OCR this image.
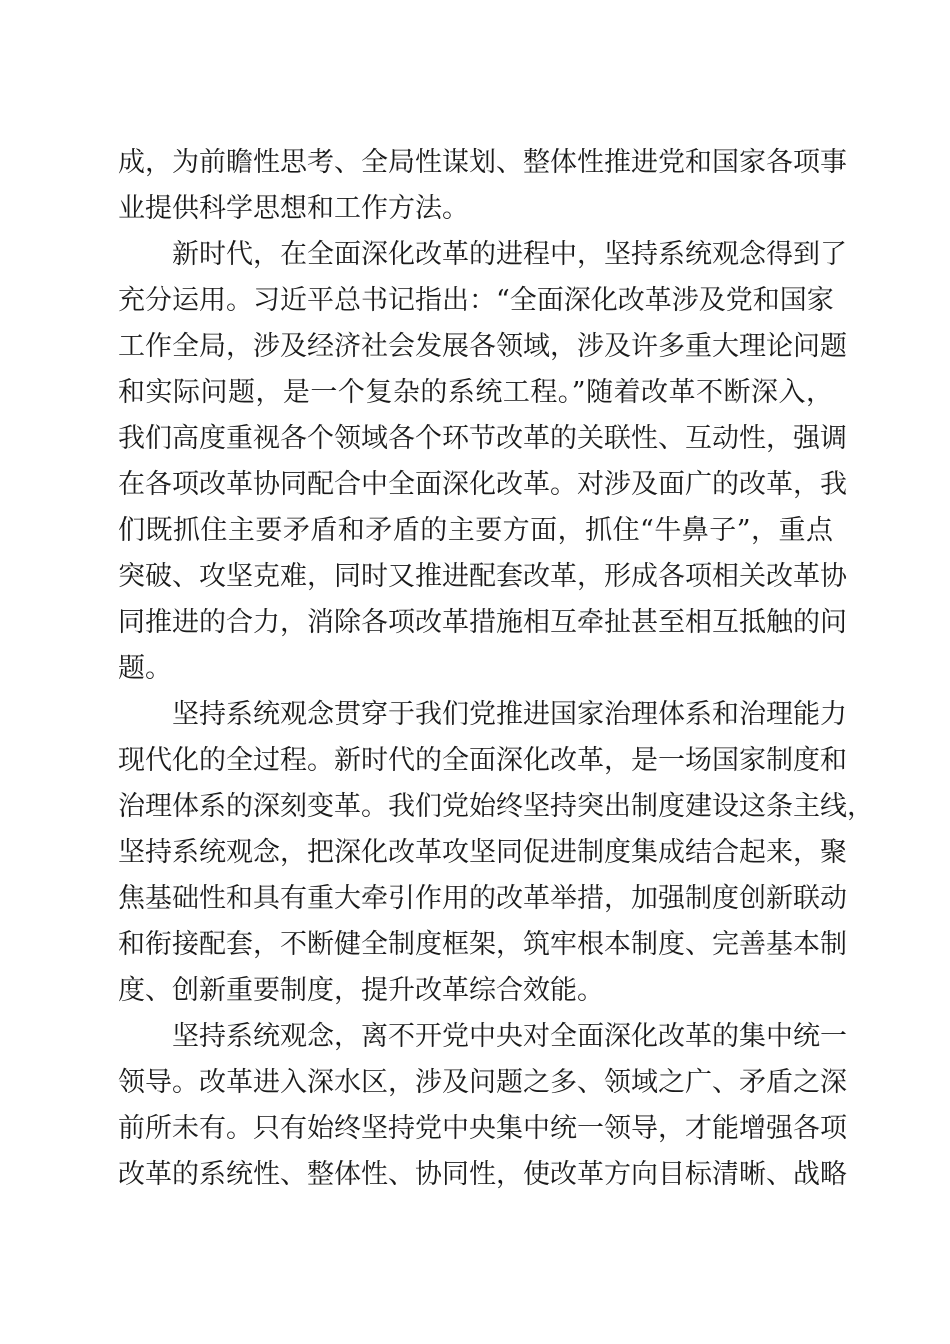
成，为前瞻性思考、全局性谋划、整体性推进党和国家各项事
业提供科学思想和工作方法。
新时代，在全面深化改革的进程中，坚持系统观念得到了
充分运用。习近平总书记指出：“全面深化改革涉及党和国家
工作全局，涉及经济社会发展各领域，涉及许多重大理论问题
和实际问题，是一个复杂的系统工程。”随着改革不断深入，
我们高度重视各个领域各个环节改革的关联性、互动性，强调
在各项改革协同配合中全面深化改革。对涉及面广的改革，我
们既抓住主要矛盾和矛盾的主要方面，抓住“牛鼻子”，重点
突破、攻坚克难，同时又推进配套改革，形成各项相关改革协
同推进的合力，消除各项改革措施相互牵扯甚至相互抵触的问
题。
坚持系统观念贯穿于我们党推进国家治理体系和治理能力
现代化的全过程。新时代的全面深化改革，是一场国家制度和
治理体系的深刻变革。我们党始终坚持突出制度建设这条主线，
坚持系统观念，把深化改革攻坚同促进制度集成结合起来，聚
焦基础性和具有重大牵引作用的改革举措，加强制度创新联动
和衔接配套，不断健全制度框架，筑牢根本制度、完善基本制
度、创新重要制度，提升改革综合效能。
坚持系统观念，离不开党中央对全面深化改革的集中统一
领导。改革进入深水区，涉及问题之多、领域之广、矛盾之深
前所未有。只有始终坚持党中央集中统一领导，才能增强各项
改革的系统性、整体性、协同性，使改革方向目标清晰、战略
